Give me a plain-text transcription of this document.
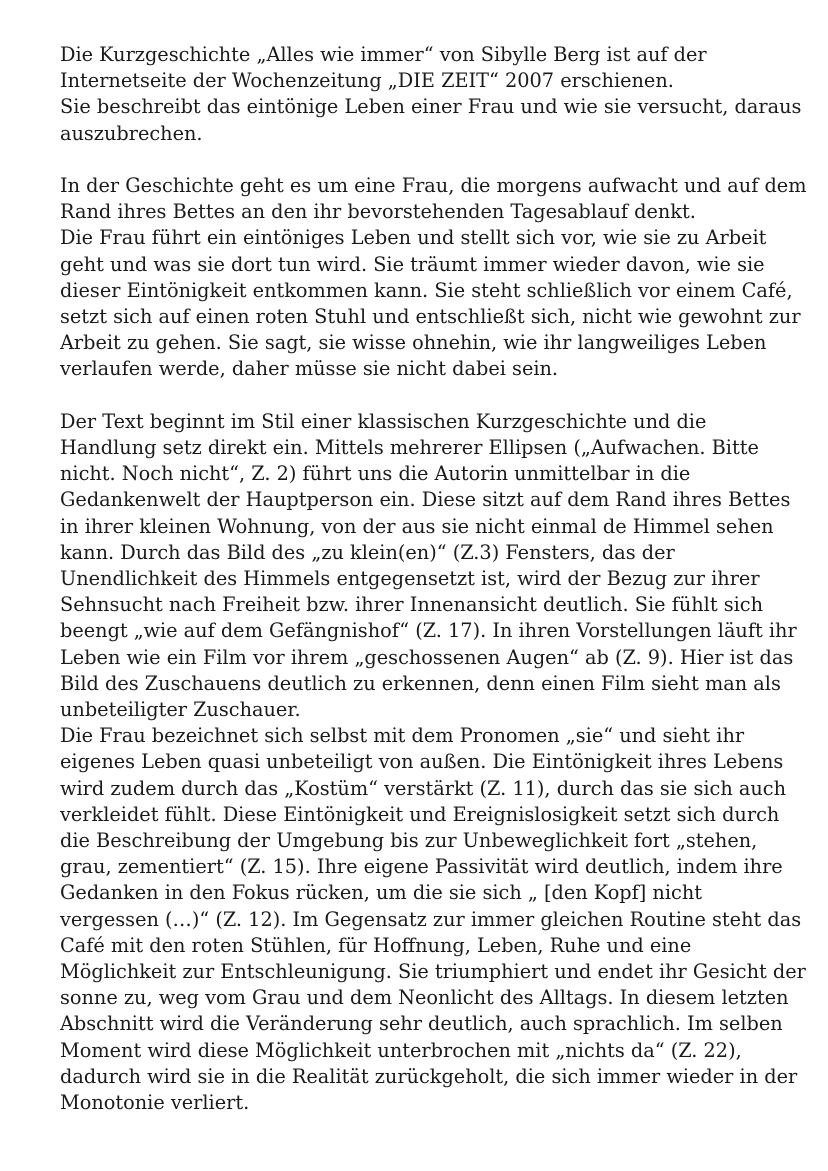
Die Kurzgeschichte „Alles wie immer“ von Sibylle Berg ist auf der
Internetseite der Wochenzeitung „DIE ZEIT“ 2007 erschienen.
Sie beschreibt das eintönige Leben einer Frau und wie sie versucht, daraus
auszubrechen.

In der Geschichte geht es um eine Frau, die morgens aufwacht und auf dem
Rand ihres Bettes an den ihr bevorstehenden Tagesablauf denkt.
Die Frau führt ein eintöniges Leben und stellt sich vor, wie sie zu Arbeit
geht und was sie dort tun wird. Sie träumt immer wieder davon, wie sie
dieser Eintönigkeit entkommen kann. Sie steht schließlich vor einem Café,
setzt sich auf einen roten Stuhl und entschließt sich, nicht wie gewohnt zur
Arbeit zu gehen. Sie sagt, sie wisse ohnehin, wie ihr langweiliges Leben
verlaufen werde, daher müsse sie nicht dabei sein.

Der Text beginnt im Stil einer klassischen Kurzgeschichte und die
Handlung setz direkt ein. Mittels mehrerer Ellipsen („Aufwachen. Bitte
nicht. Noch nicht“, Z. 2) führt uns die Autorin unmittelbar in die
Gedankenwelt der Hauptperson ein. Diese sitzt auf dem Rand ihres Bettes
in ihrer kleinen Wohnung, von der aus sie nicht einmal de Himmel sehen
kann. Durch das Bild des „zu klein(en)“ (Z.3) Fensters, das der
Unendlichkeit des Himmels entgegensetzt ist, wird der Bezug zur ihrer
Sehnsucht nach Freiheit bzw. ihrer Innenansicht deutlich. Sie fühlt sich
beengt „wie auf dem Gefängnishof“ (Z. 17). In ihren Vorstellungen läuft ihr
Leben wie ein Film vor ihrem „geschossenen Augen“ ab (Z. 9). Hier ist das
Bild des Zuschauens deutlich zu erkennen, denn einen Film sieht man als
unbeteiligter Zuschauer.
Die Frau bezeichnet sich selbst mit dem Pronomen „sie“ und sieht ihr
eigenes Leben quasi unbeteiligt von außen. Die Eintönigkeit ihres Lebens
wird zudem durch das „Kostüm“ verstärkt (Z. 11), durch das sie sich auch
verkleidet fühlt. Diese Eintönigkeit und Ereignislosigkeit setzt sich durch
die Beschreibung der Umgebung bis zur Unbeweglichkeit fort „stehen,
grau, zementiert“ (Z. 15). Ihre eigene Passivität wird deutlich, indem ihre
Gedanken in den Fokus rücken, um die sie sich „ [den Kopf] nicht
vergessen (…)“ (Z. 12). Im Gegensatz zur immer gleichen Routine steht das
Café mit den roten Stühlen, für Hoffnung, Leben, Ruhe und eine
Möglichkeit zur Entschleunigung. Sie triumphiert und endet ihr Gesicht der
sonne zu, weg vom Grau und dem Neonlicht des Alltags. In diesem letzten
Abschnitt wird die Veränderung sehr deutlich, auch sprachlich. Im selben
Moment wird diese Möglichkeit unterbrochen mit „nichts da“ (Z. 22),
dadurch wird sie in die Realität zurückgeholt, die sich immer wieder in der
Monotonie verliert.
